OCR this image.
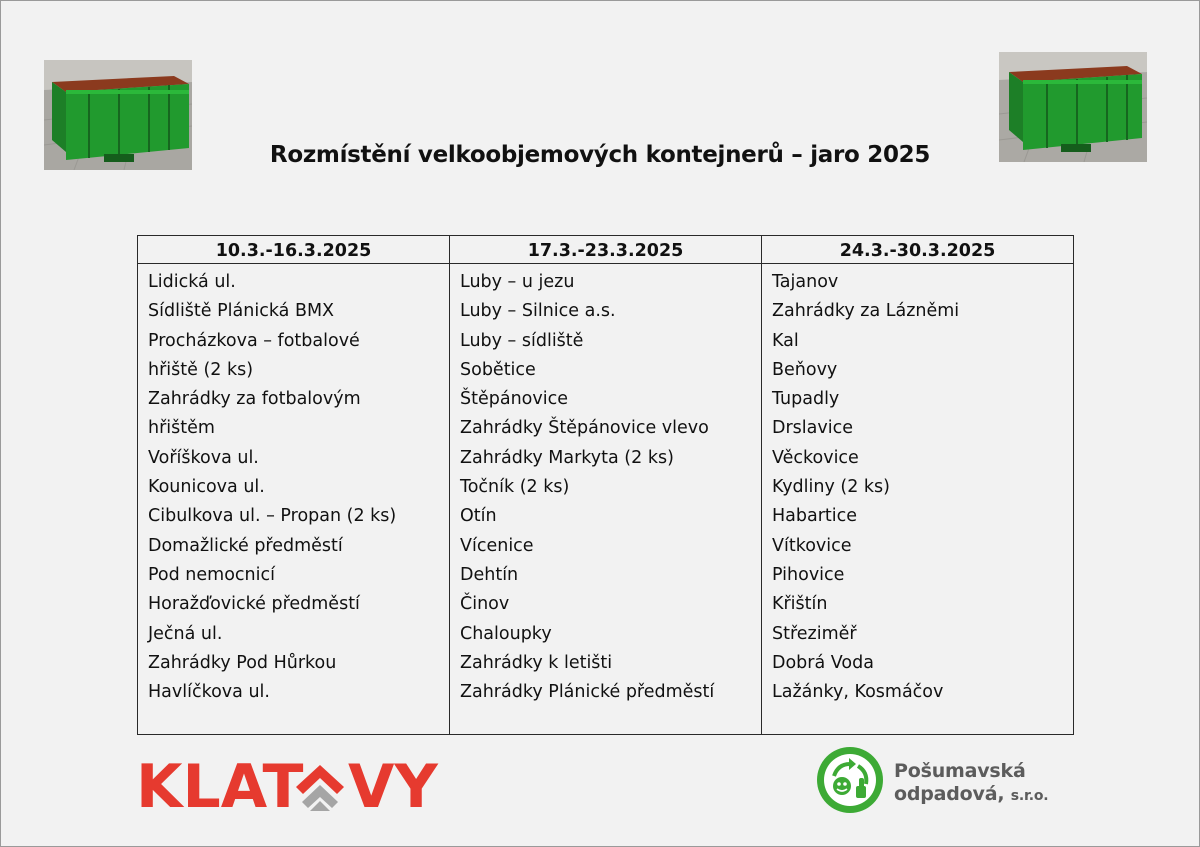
Rozmístění velkoobjemových kontejnerů – jaro 2025
10.3.-16.3.2025
Lidická ul.
Sídliště Plánická BMX
Procházkova – fotbalové
hřiště (2 ks)
Zahrádky za fotbalovým
hřištěm
Voříškova ul.
Kounicova ul.
Cibulkova ul. – Propan (2 ks)
Domažlické předměstí
Pod nemocnicí
Horažďovické předměstí
Ječná ul.
Zahrádky Pod Hůrkou
Havlíčkova ul.
17.3.-23.3.2025
Luby – u jezu
Luby – Silnice a.s.
Luby – sídliště
Sobětice
Štěpánovice
Zahrádky Štěpánovice vlevo
Zahrádky Markyta (2 ks)
Točník (2 ks)
Otín
Vícenice
Dehtín
Činov
Chaloupky
Zahrádky k letišti
Zahrádky Plánické předměstí
24.3.-30.3.2025
Tajanov
Zahrádky za Lázněmi
Kal
Beňovy
Tupadly
Drslavice
Věckovice
Kydliny (2 ks)
Habartice
Vítkovice
Pihovice
Křištín
Střeziměř
Dobrá Voda
Lažánky, Kosmáčov
KLAT VY	Pošumavská
odpadová, s.r.o.
